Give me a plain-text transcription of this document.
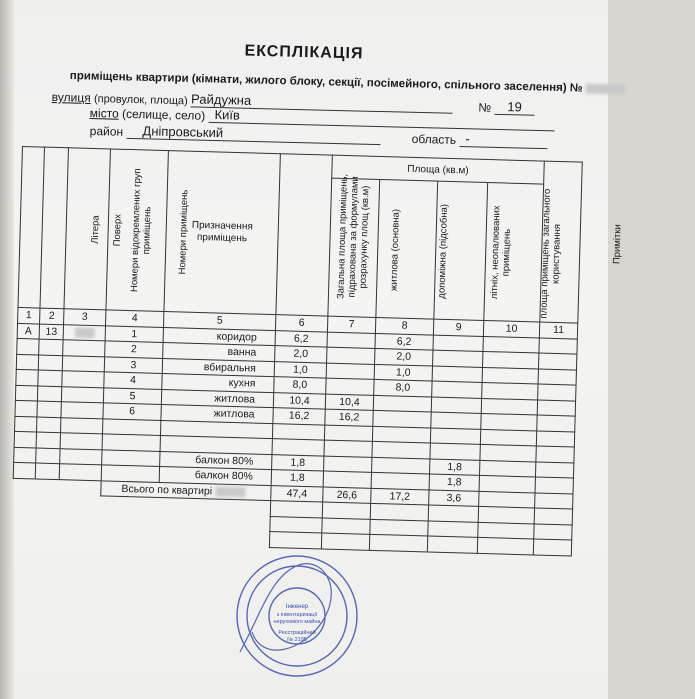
ЕКСПЛІКАЦІЯ
приміщень квартири (кімнати, жилого блоку, секції, посімейного, спільного заселення) №
вулиця (провулок, площа) Райдужна	№ 19
місто (селище, село) Київ
район Дніпровський	область -
Літера	Поверх	Номери відокремлених груп приміщень	Номери приміщень	Призначення приміщень	Загальна площа приміщень, підрахована за формулами розрахунку площ (кв.м)	Площа (кв.м)				Примітки
						житлова (основна)	допоміжна (підсобна)	літніх, неопалюваних приміщень	площа приміщень загального користування	
1	2	3	4	5	6	7	8	9	10	11
А	13		1	коридор	6,2		6,2			
			2	ванна	2,0		2,0			
			3	вбиральня	1,0		1,0			
			4	кухня	8,0		8,0			
			5	житлова	10,4	10,4				
			6	житлова	16,2	16,2				

				балкон 80%	1,8			1,8		
				балкон 80%	1,8			1,8		
			Всього по квартирі		47,4	26,6	17,2	3,6		

Інженер
з інвентаризації
нерухомого майна
Реєстраційний
№ 2195
